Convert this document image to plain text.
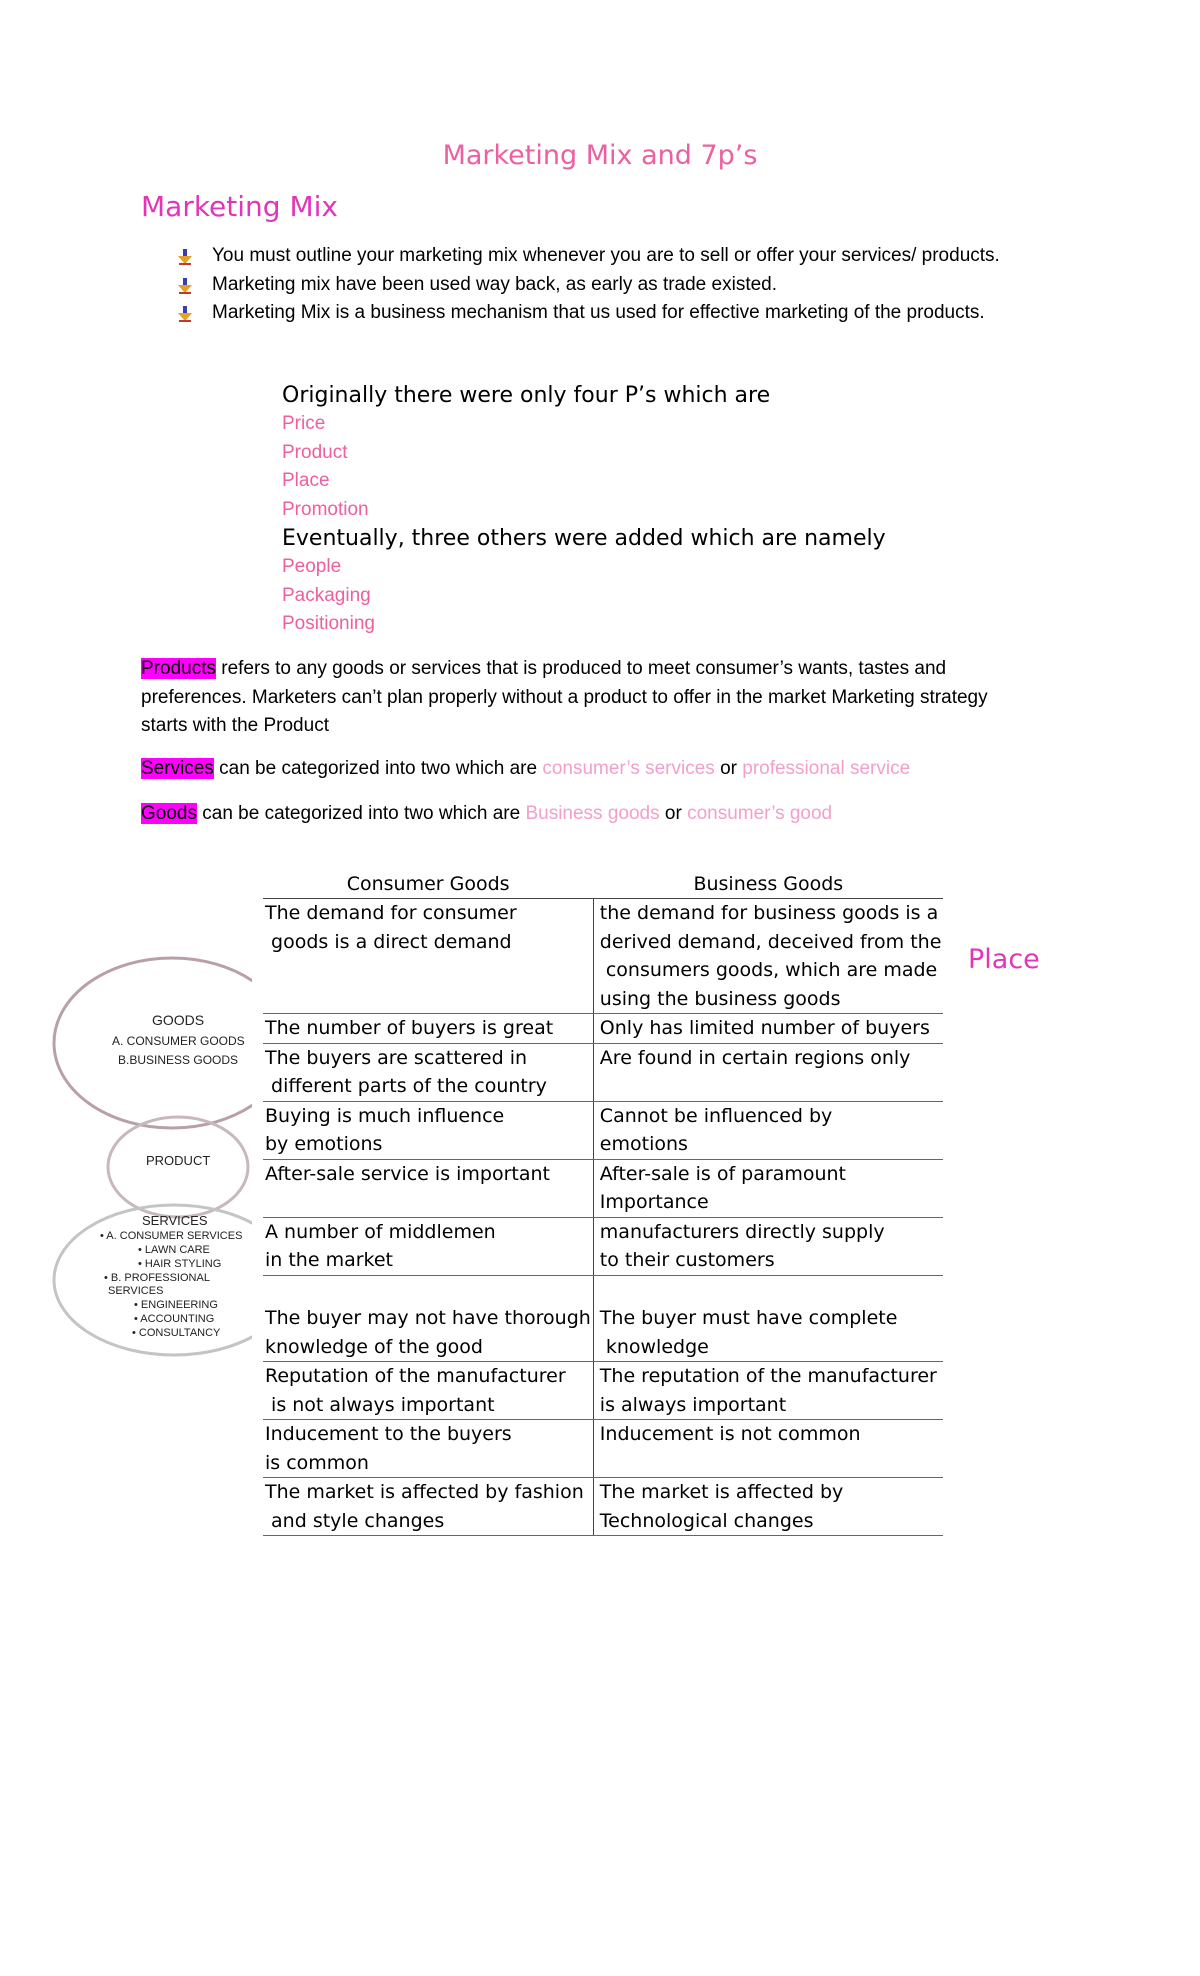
Marketing Mix and 7p’s
Marketing Mix
You must outline your marketing mix whenever you are to sell or offer your services/ products.
Marketing mix have been used way back, as early as trade existed.
Marketing Mix is a business mechanism that us used for effective marketing of the products.
Originally there were only four P’s which are
Price
Product
Place
Promotion
Eventually, three others were added which are namely
People
Packaging
Positioning

Products refers to any goods or services that is produced to meet consumer’s wants, tastes and
preferences. Marketers can’t plan properly without a product to offer in the market Marketing strategy
starts with the Product

Services can be categorized into two which are consumer’s services or professional service

Goods can be categorized into two which are Business goods or consumer’s good

GOODS
A. CONSUMER GOODS
B.BUSINESS GOODS
PRODUCT
SERVICES
• A. CONSUMER SERVICES
• LAWN CARE
• HAIR STYLING
• B. PROFESSIONAL
SERVICES
• ENGINEERING
• ACCOUNTING
• CONSULTANCY
Place
Consumer Goods	Business Goods

The demand for consumer
goods is a direct demand	the demand for business goods is a
derived demand, deceived from the
consumers goods, which are made
using the business goods

The number of buyers is great	Only has limited number of buyers

The buyers are scattered in
different parts of the country	Are found in certain regions only

Buying is much influence
by emotions	Cannot be influenced by
emotions

After-sale service is important	After-sale is of paramount
Importance

A number of middlemen
in the market	manufacturers directly supply
to their customers

The buyer may not have thorough
knowledge of the good	The buyer must have complete
knowledge

Reputation of the manufacturer
is not always important	The reputation of the manufacturer
is always important

Inducement to the buyers
is common	Inducement is not common

The market is affected by fashion
and style changes	The market is affected by
Technological changes
